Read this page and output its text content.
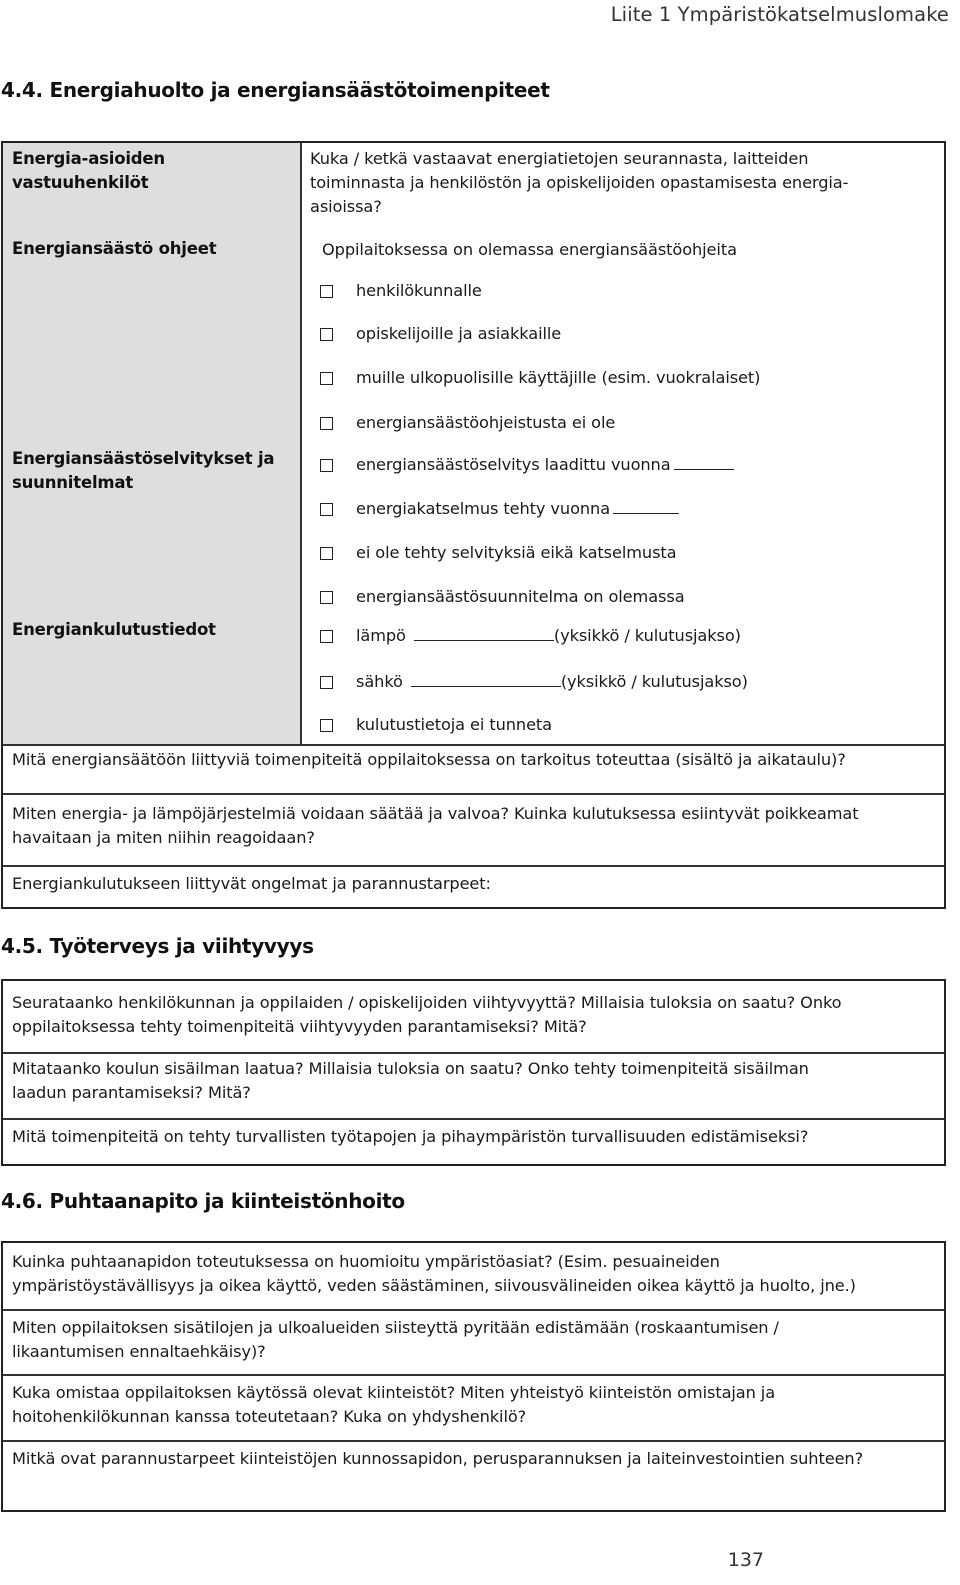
Liite 1 Ympäristökatselmuslomake
4.4. Energiahuolto ja energiansäästötoimenpiteet
Energia-asioiden
vastuuhenkilöt
Energiansäästö ohjeet
Energiansäästöselvitykset ja
suunnitelmat
Energiankulutustiedot
Kuka / ketkä vastaavat energiatietojen seurannasta, laitteiden
toiminnasta ja henkilöstön ja opiskelijoiden opastamisesta energia-
asioissa?
Oppilaitoksessa on olemassa energiansäästöohjeita
henkilökunnalle
opiskelijoille ja asiakkaille
muille ulkopuolisille käyttäjille (esim. vuokralaiset)
energiansäästöohjeistusta ei ole
energiansäästöselvitys laadittu vuonna
energiakatselmus tehty vuonna
ei ole tehty selvityksiä eikä katselmusta
energiansäästösuunnitelma on olemassa
lämpö	(yksikkö / kulutusjakso)
sähkö	(yksikkö / kulutusjakso)
kulutustietoja ei tunneta
Mitä energiansäätöön liittyviä toimenpiteitä oppilaitoksessa on tarkoitus toteuttaa (sisältö ja aikataulu)?
Miten energia- ja lämpöjärjestelmiä voidaan säätää ja valvoa? Kuinka kulutuksessa esiintyvät poikkeamat
havaitaan ja miten niihin reagoidaan?
Energiankulutukseen liittyvät ongelmat ja parannustarpeet:
4.5. Työterveys ja viihtyvyys
Seurataanko henkilökunnan ja oppilaiden / opiskelijoiden viihtyvyyttä? Millaisia tuloksia on saatu? Onko
oppilaitoksessa tehty toimenpiteitä viihtyvyyden parantamiseksi? Mitä?
Mitataanko koulun sisäilman laatua? Millaisia tuloksia on saatu? Onko tehty toimenpiteitä sisäilman
laadun parantamiseksi? Mitä?
Mitä toimenpiteitä on tehty turvallisten työtapojen ja pihaympäristön turvallisuuden edistämiseksi?
4.6. Puhtaanapito ja kiinteistönhoito
Kuinka puhtaanapidon toteutuksessa on huomioitu ympäristöasiat? (Esim. pesuaineiden
ympäristöystävällisyys ja oikea käyttö, veden säästäminen, siivousvälineiden oikea käyttö ja huolto, jne.)
Miten oppilaitoksen sisätilojen ja ulkoalueiden siisteyttä pyritään edistämään (roskaantumisen /
likaantumisen ennaltaehkäisy)?
Kuka omistaa oppilaitoksen käytössä olevat kiinteistöt? Miten yhteistyö kiinteistön omistajan ja
hoitohenkilökunnan kanssa toteutetaan? Kuka on yhdyshenkilö?
Mitkä ovat parannustarpeet kiinteistöjen kunnossapidon, perusparannuksen ja laiteinvestointien suhteen?
137
